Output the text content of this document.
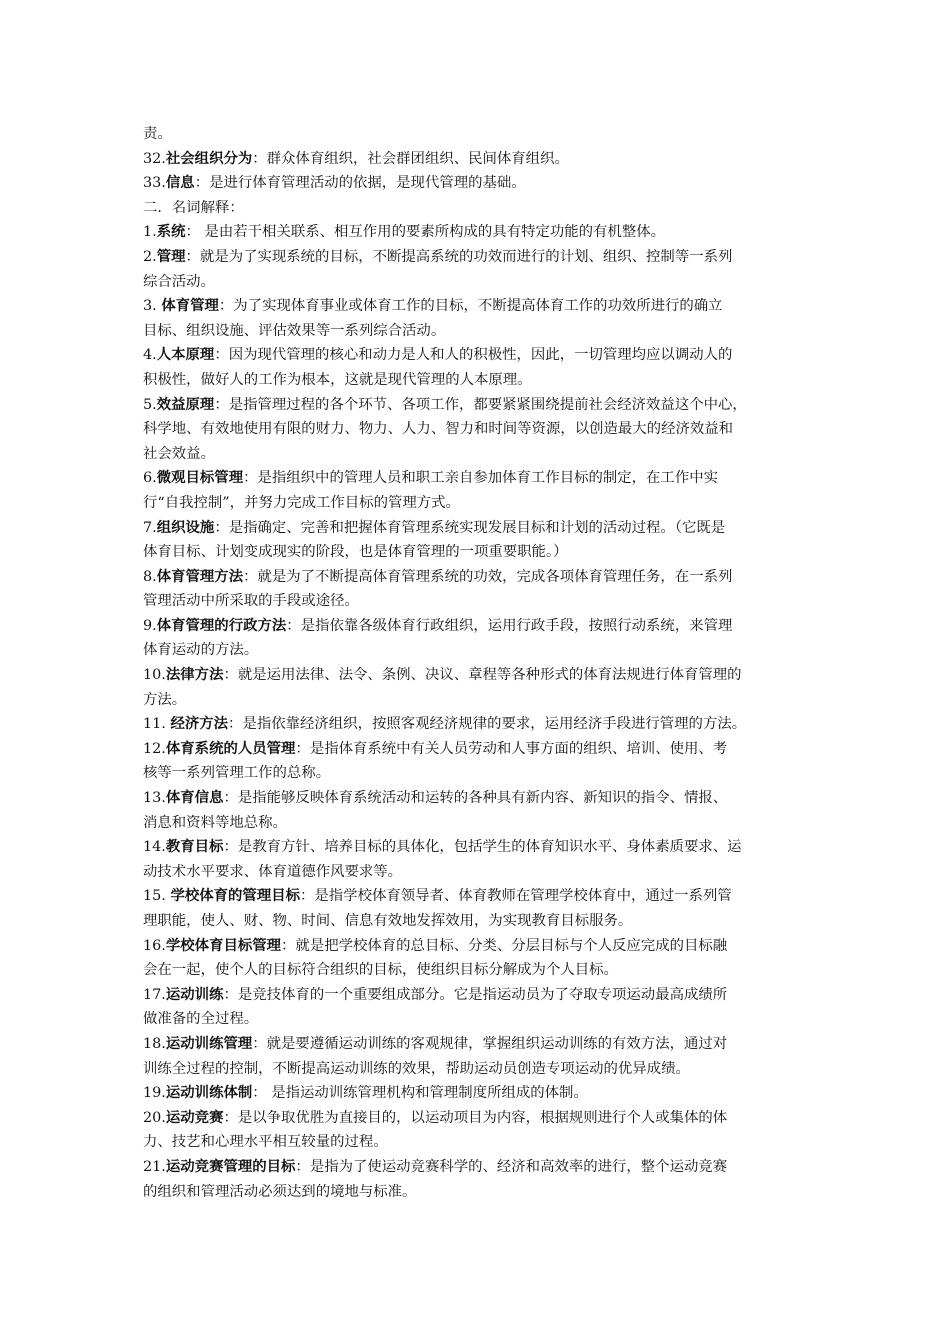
责。
32.社会组织分为：群众体育组织，社会群团组织、民间体育组织。
33.信息：是进行体育管理活动的依据，是现代管理的基础。
二．名词解释：
1.系统： 是由若干相关联系、相互作用的要素所构成的具有特定功能的有机整体。
2.管理：就是为了实现系统的目标，不断提高系统的功效而进行的计划、组织、控制等一系列
综合活动。
3. 体育管理：为了实现体育事业或体育工作的目标，不断提高体育工作的功效所进行的确立
目标、组织设施、评估效果等一系列综合活动。
4.人本原理：因为现代管理的核心和动力是人和人的积极性，因此，一切管理均应以调动人的
积极性，做好人的工作为根本，这就是现代管理的人本原理。
5.效益原理：是指管理过程的各个环节、各项工作，都要紧紧围绕提前社会经济效益这个中心，
科学地、有效地使用有限的财力、物力、人力、智力和时间等资源，以创造最大的经济效益和
社会效益。
6.微观目标管理：是指组织中的管理人员和职工亲自参加体育工作目标的制定，在工作中实
行“自我控制”，并努力完成工作目标的管理方式。
7.组织设施：是指确定、完善和把握体育管理系统实现发展目标和计划的活动过程。（它既是
体育目标、计划变成现实的阶段，也是体育管理的一项重要职能。）
8.体育管理方法：就是为了不断提高体育管理系统的功效，完成各项体育管理任务，在一系列
管理活动中所采取的手段或途径。
9.体育管理的行政方法：是指依靠各级体育行政组织，运用行政手段，按照行动系统，来管理
体育运动的方法。
10.法律方法：就是运用法律、法令、条例、决议、章程等各种形式的体育法规进行体育管理的
方法。
11. 经济方法：是指依靠经济组织，按照客观经济规律的要求，运用经济手段进行管理的方法。
12.体育系统的人员管理：是指体育系统中有关人员劳动和人事方面的组织、培训、使用、考
核等一系列管理工作的总称。
13.体育信息：是指能够反映体育系统活动和运转的各种具有新内容、新知识的指令、情报、
消息和资料等地总称。
14.教育目标：是教育方针、培养目标的具体化，包括学生的体育知识水平、身体素质要求、运
动技术水平要求、体育道德作风要求等。
15. 学校体育的管理目标：是指学校体育领导者、体育教师在管理学校体育中，通过一系列管
理职能，使人、财、物、时间、信息有效地发挥效用，为实现教育目标服务。
16.学校体育目标管理：就是把学校体育的总目标、分类、分层目标与个人反应完成的目标融
会在一起，使个人的目标符合组织的目标，使组织目标分解成为个人目标。
17.运动训练：是竞技体育的一个重要组成部分。它是指运动员为了夺取专项运动最高成绩所
做准备的全过程。
18.运动训练管理：就是要遵循运动训练的客观规律，掌握组织运动训练的有效方法，通过对
训练全过程的控制，不断提高运动训练的效果，帮助运动员创造专项运动的优异成绩。
19.运动训练体制： 是指运动训练管理机构和管理制度所组成的体制。
20.运动竞赛：是以争取优胜为直接目的，以运动项目为内容，根据规则进行个人或集体的体
力、技艺和心理水平相互较量的过程。
21.运动竞赛管理的目标：是指为了使运动竞赛科学的、经济和高效率的进行，整个运动竞赛
的组织和管理活动必须达到的境地与标准。
